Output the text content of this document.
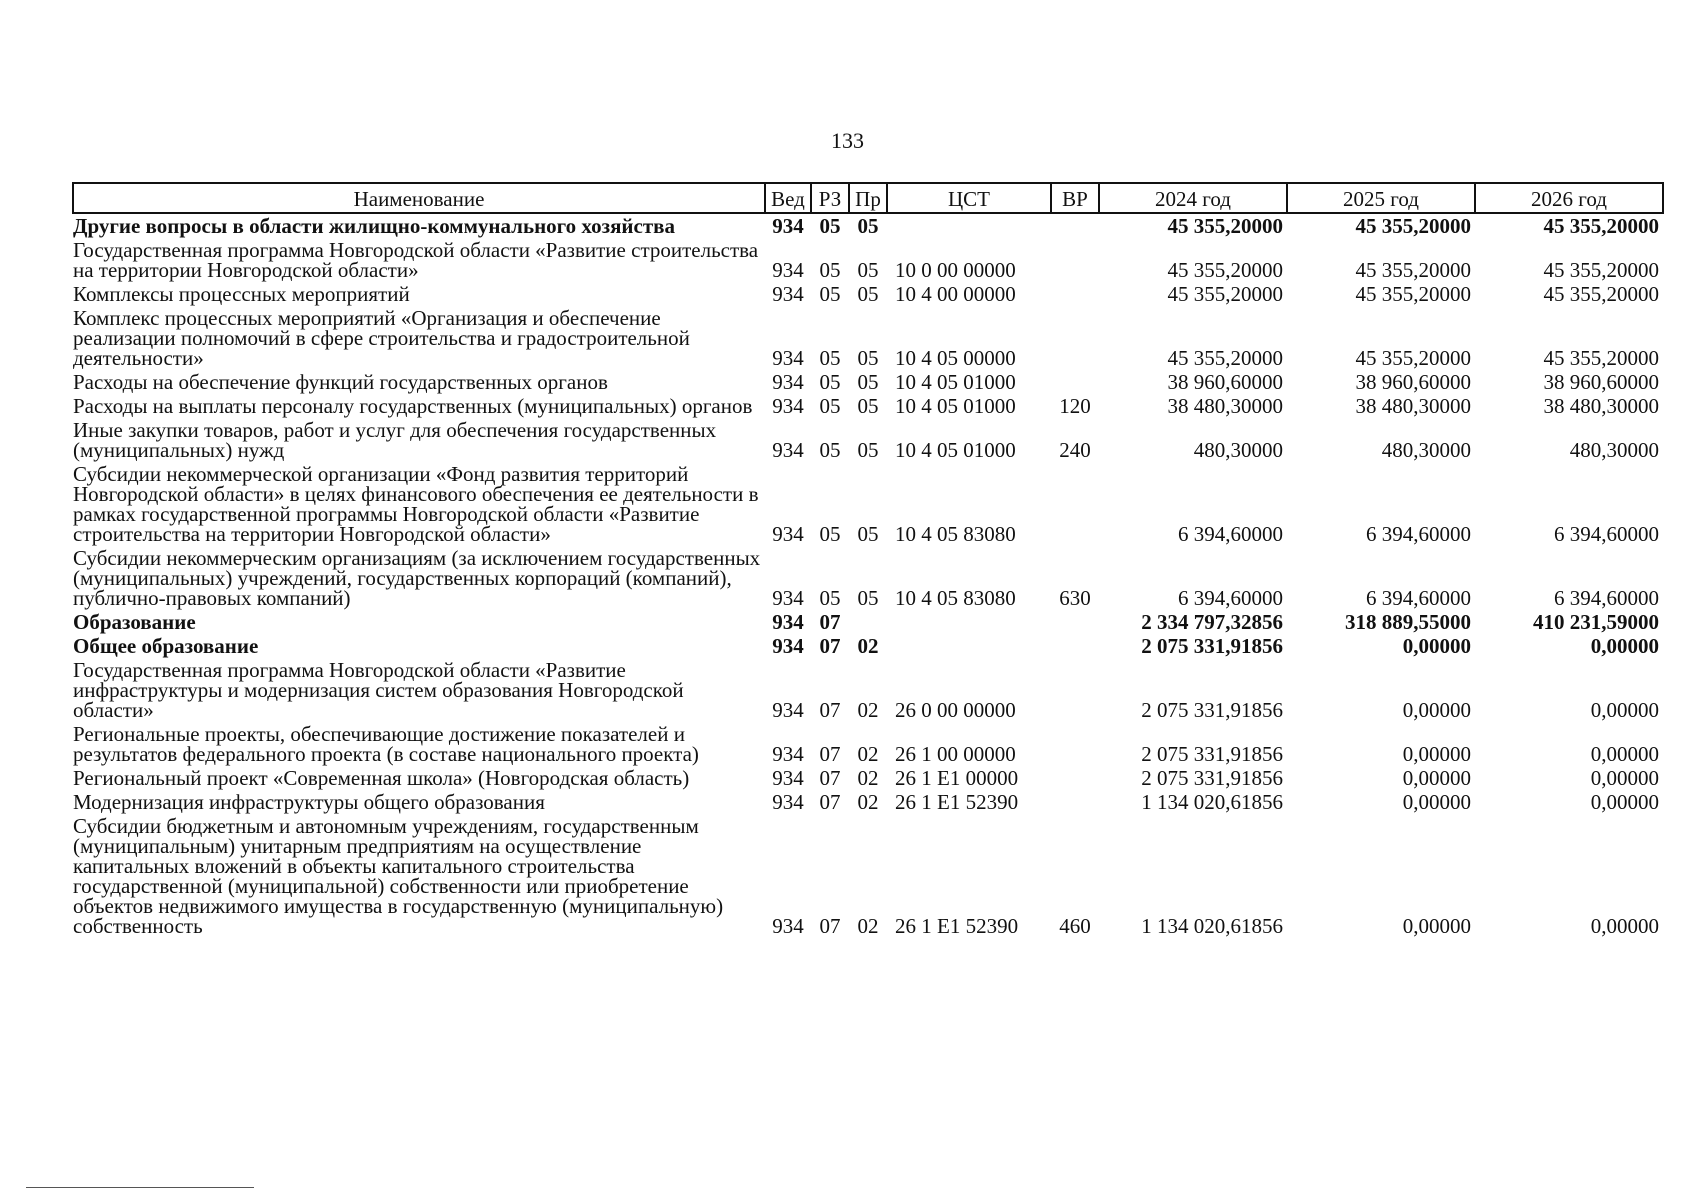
133
Наименование	Вед	РЗ	Пр	ЦСТ	ВР	2024 год	2025 год	2026 год
Другие вопросы в области жилищно-коммунального хозяйства	934	05	05			45 355,20000	45 355,20000	45 355,20000
Государственная программа Новгородской области «Развитие строительства на территории Новгородской области»	934	05	05	10 0 00 00000		45 355,20000	45 355,20000	45 355,20000
Комплексы процессных мероприятий	934	05	05	10 4 00 00000		45 355,20000	45 355,20000	45 355,20000
Комплекс процессных мероприятий «Организация и обеспечение реализации полномочий в сфере строительства и градостроительной деятельности»	934	05	05	10 4 05 00000		45 355,20000	45 355,20000	45 355,20000
Расходы на обеспечение функций государственных органов	934	05	05	10 4 05 01000		38 960,60000	38 960,60000	38 960,60000
Расходы на выплаты персоналу государственных (муниципальных) органов	934	05	05	10 4 05 01000	120	38 480,30000	38 480,30000	38 480,30000
Иные закупки товаров, работ и услуг для обеспечения государственных (муниципальных) нужд	934	05	05	10 4 05 01000	240	480,30000	480,30000	480,30000
Субсидии некоммерческой организации «Фонд развития территорий Новгородской области» в целях финансового обеспечения ее деятельности в рамках государственной программы Новгородской области «Развитие строительства на территории Новгородской области»	934	05	05	10 4 05 83080		6 394,60000	6 394,60000	6 394,60000
Субсидии некоммерческим организациям (за исключением государственных (муниципальных) учреждений, государственных корпораций (компаний), публично-правовых компаний)	934	05	05	10 4 05 83080	630	6 394,60000	6 394,60000	6 394,60000
Образование	934	07				2 334 797,32856	318 889,55000	410 231,59000
Общее образование	934	07	02			2 075 331,91856	0,00000	0,00000
Государственная программа Новгородской области «Развитие инфраструктуры и модернизация систем образования Новгородской области»	934	07	02	26 0 00 00000		2 075 331,91856	0,00000	0,00000
Региональные проекты, обеспечивающие достижение показателей и результатов федерального проекта (в составе национального проекта)	934	07	02	26 1 00 00000		2 075 331,91856	0,00000	0,00000
Региональный проект «Современная школа» (Новгородская область)	934	07	02	26 1 E1 00000		2 075 331,91856	0,00000	0,00000
Модернизация инфраструктуры общего образования	934	07	02	26 1 E1 52390		1 134 020,61856	0,00000	0,00000
Субсидии бюджетным и автономным учреждениям, государственным (муниципальным) унитарным предприятиям на осуществление капитальных вложений в объекты капитального строительства государственной (муниципальной) собственности или приобретение объектов недвижимого имущества в государственную (муниципальную) собственность	934	07	02	26 1 E1 52390	460	1 134 020,61856	0,00000	0,00000
